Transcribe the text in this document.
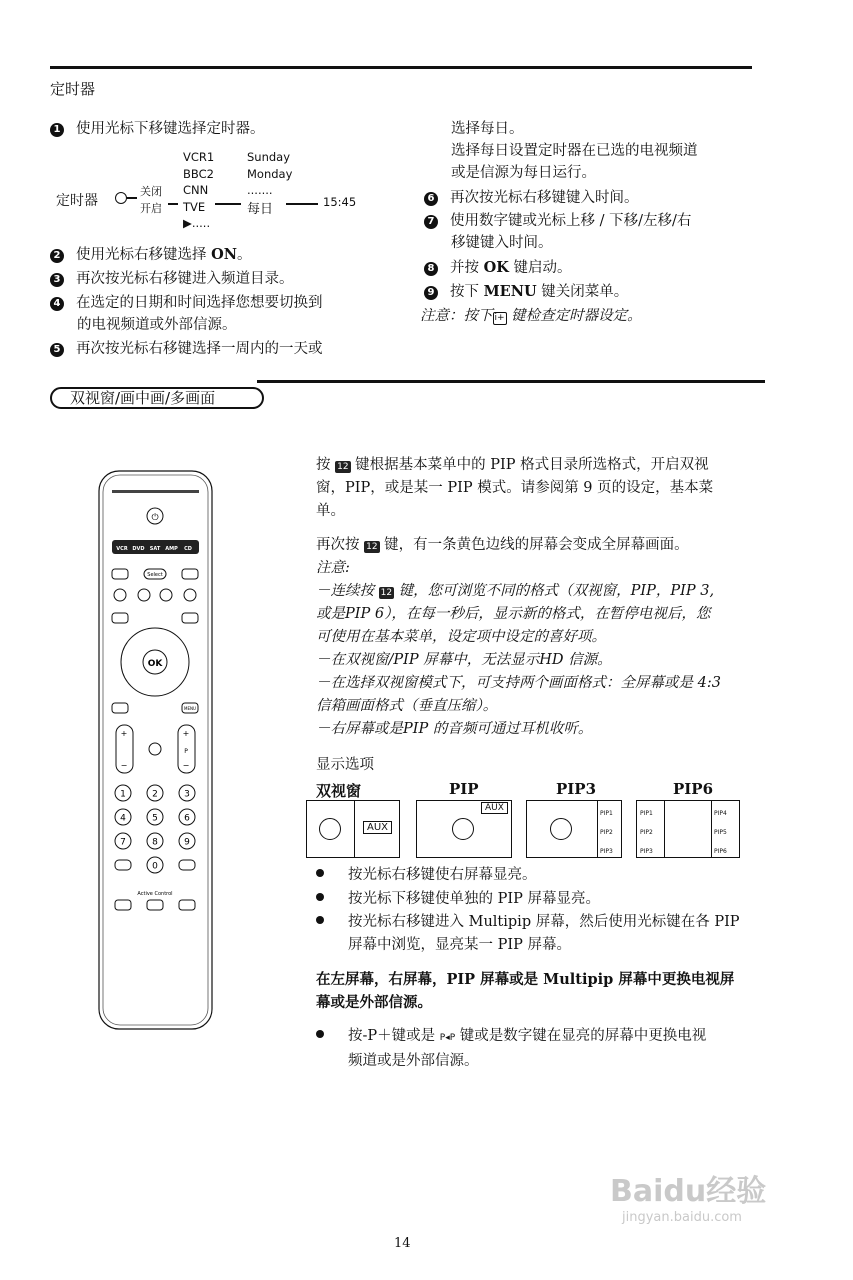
定时器
1 使用光标下移键选择定时器。
定时器
关闭
开启
VCR1
BBC2
CNN
TVE
▶.....
Sunday
Monday
.......
每日	15:45
2 使用光标右移键选择 ON。
3 再次按光标右移键进入频道目录。
4 在选定的日期和时间选择您想要切换到
的电视频道或外部信源。
5 再次按光标右移键选择一周内的一天或
选择每日。
选择每日设置定时器在已选的电视频道
或是信源为每日运行。
6 再次按光标右移键键入时间。
7 使用数字键或光标上移 / 下移/左移/右
移键键入时间。
8 并按 OK 键启动。
9 按下 MENU 键关闭菜单。
注意：按下 i+ 键检查定时器设定。
双视窗/画中画/多画面
⏻
VCR DVD SAT AMP CD
Select
MENU
+
−
+
−
P
1	2	3
4	5	6
7	8	9
0
OK
Active Control
按 12 键根据基本菜单中的 PIP 格式目录所选格式，开启双视
窗，PIP，或是某一 PIP 模式。请参阅第 9 页的设定，基本菜
单。
再次按 12 键，有一条黄色边线的屏幕会变成全屏幕画面。
注意:
－连续按 12 键，您可浏览不同的格式（双视窗，PIP，PIP 3,
或是PIP 6），在每一秒后，显示新的格式，在暂停电视后，您
可使用在基本菜单，设定项中设定的喜好项。
－在双视窗/PIP 屏幕中，无法显示HD 信源。
－在选择双视窗模式下，可支持两个画面格式：全屏幕或是 4:3
信箱画面格式（垂直压缩）。
－右屏幕或是PIP 的音频可通过耳机收听。
显示选项
双视窗	PIP	PIP3	PIP6
AUX
AUX
PIP1
PIP2
PIP3
PIP1
PIP2
PIP3
PIP4
PIP5
PIP6
按光标右移键使右屏幕显亮。
按光标下移键使单独的 PIP 屏幕显亮。
按光标右移键进入 Multipip 屏幕，然后使用光标键在各 PIP
屏幕中浏览，显亮某一 PIP 屏幕。
在左屏幕，右屏幕，PIP 屏幕或是 Multipip 屏幕中更换电视屏
幕或是外部信源。
按-P＋键或是 P◂P 键或是数字键在显亮的屏幕中更换电视
频道或是外部信源。
Baidu经验
jingyan.baidu.com
14
